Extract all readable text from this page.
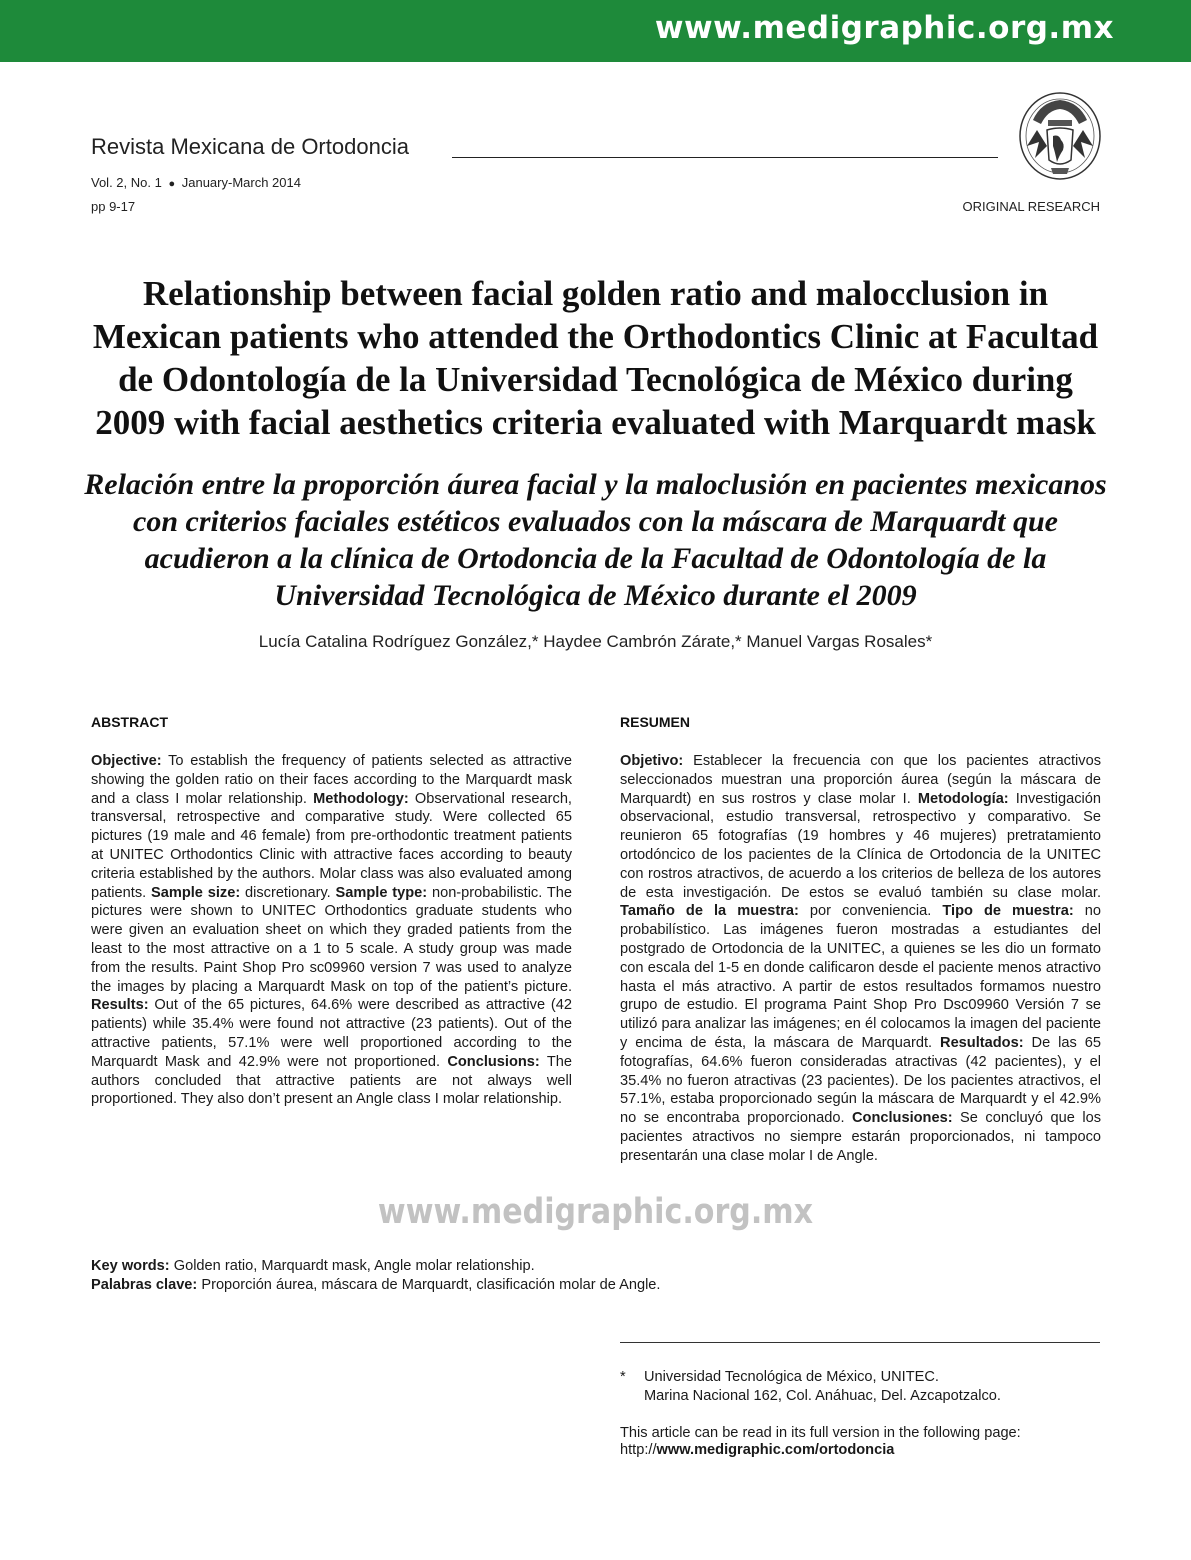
www.medigraphic.org.mx
Revista Mexicana de Ortodoncia
Vol. 2, No. 1 ● January-March 2014
pp 9-17	ORIGINAL RESEARCH
Relationship between facial golden ratio and malocclusion in Mexican patients who attended the Orthodontics Clinic at Facultad de Odontología de la Universidad Tecnológica de México during 2009 with facial aesthetics criteria evaluated with Marquardt mask
Relación entre la proporción áurea facial y la maloclusión en pacientes mexicanos con criterios faciales estéticos evaluados con la máscara de Marquardt que acudieron a la clínica de Ortodoncia de la Facultad de Odontología de la Universidad Tecnológica de México durante el 2009
Lucía Catalina Rodríguez González,* Haydee Cambrón Zárate,* Manuel Vargas Rosales*
ABSTRACT	RESUMEN
Objective: To establish the frequency of patients selected as attractive showing the golden ratio on their faces according to the Marquardt mask and a class I molar relationship. Methodology: Observational research, transversal, retrospective and comparative study. Were collected 65 pictures (19 male and 46 female) from pre-orthodontic treatment patients at UNITEC Orthodontics Clinic with attractive faces according to beauty criteria established by the authors. Molar class was also evaluated among patients. Sample size: discretionary. Sample type: non-probabilistic. The pictures were shown to UNITEC Orthodontics graduate students who were given an evaluation sheet on which they graded patients from the least to the most attractive on a 1 to 5 scale. A study group was made from the results. Paint Shop Pro sc09960 version 7 was used to analyze the images by placing a Marquardt Mask on top of the patient’s picture. Results: Out of the 65 pictures, 64.6% were described as attractive (42 patients) while 35.4% were found not attractive (23 patients). Out of the attractive patients, 57.1% were well proportioned according to the Marquardt Mask and 42.9% were not proportioned. Conclusions: The authors concluded that attractive patients are not always well proportioned. They also don’t present an Angle class I molar relationship.
Objetivo: Establecer la frecuencia con que los pacientes atractivos seleccionados muestran una proporción áurea (según la máscara de Marquardt) en sus rostros y clase molar I. Metodología: Investigación observacional, estudio transversal, retrospectivo y comparativo. Se reunieron 65 fotografías (19 hombres y 46 mujeres) pretratamiento ortodóncico de los pacientes de la Clínica de Ortodoncia de la UNITEC con rostros atractivos, de acuerdo a los criterios de belleza de los autores de esta investigación. De estos se evaluó también su clase molar. Tamaño de la muestra: por conveniencia. Tipo de muestra: no probabilístico. Las imágenes fueron mostradas a estudiantes del postgrado de Ortodoncia de la UNITEC, a quienes se les dio un formato con escala del 1-5 en donde calificaron desde el paciente menos atractivo hasta el más atractivo. A partir de estos resultados formamos nuestro grupo de estudio. El programa Paint Shop Pro Dsc09960 Versión 7 se utilizó para analizar las imágenes; en él colocamos la imagen del paciente y encima de ésta, la máscara de Marquardt. Resultados: De las 65 fotografías, 64.6% fueron consideradas atractivas (42 pacientes), y el 35.4% no fueron atractivas (23 pacientes). De los pacientes atractivos, el 57.1%, estaba proporcionado según la máscara de Marquardt y el 42.9% no se encontraba proporcionado. Conclusiones: Se concluyó que los pacientes atractivos no siempre estarán proporcionados, ni tampoco presentarán una clase molar I de Angle.
www.medigraphic.org.mx
Key words: Golden ratio, Marquardt mask, Angle molar relationship.
Palabras clave: Proporción áurea, máscara de Marquardt, clasificación molar de Angle.
* Universidad Tecnológica de México, UNITEC.
Marina Nacional 162, Col. Anáhuac, Del. Azcapotzalco.
This article can be read in its full version in the following page:
http://www.medigraphic.com/ortodoncia
